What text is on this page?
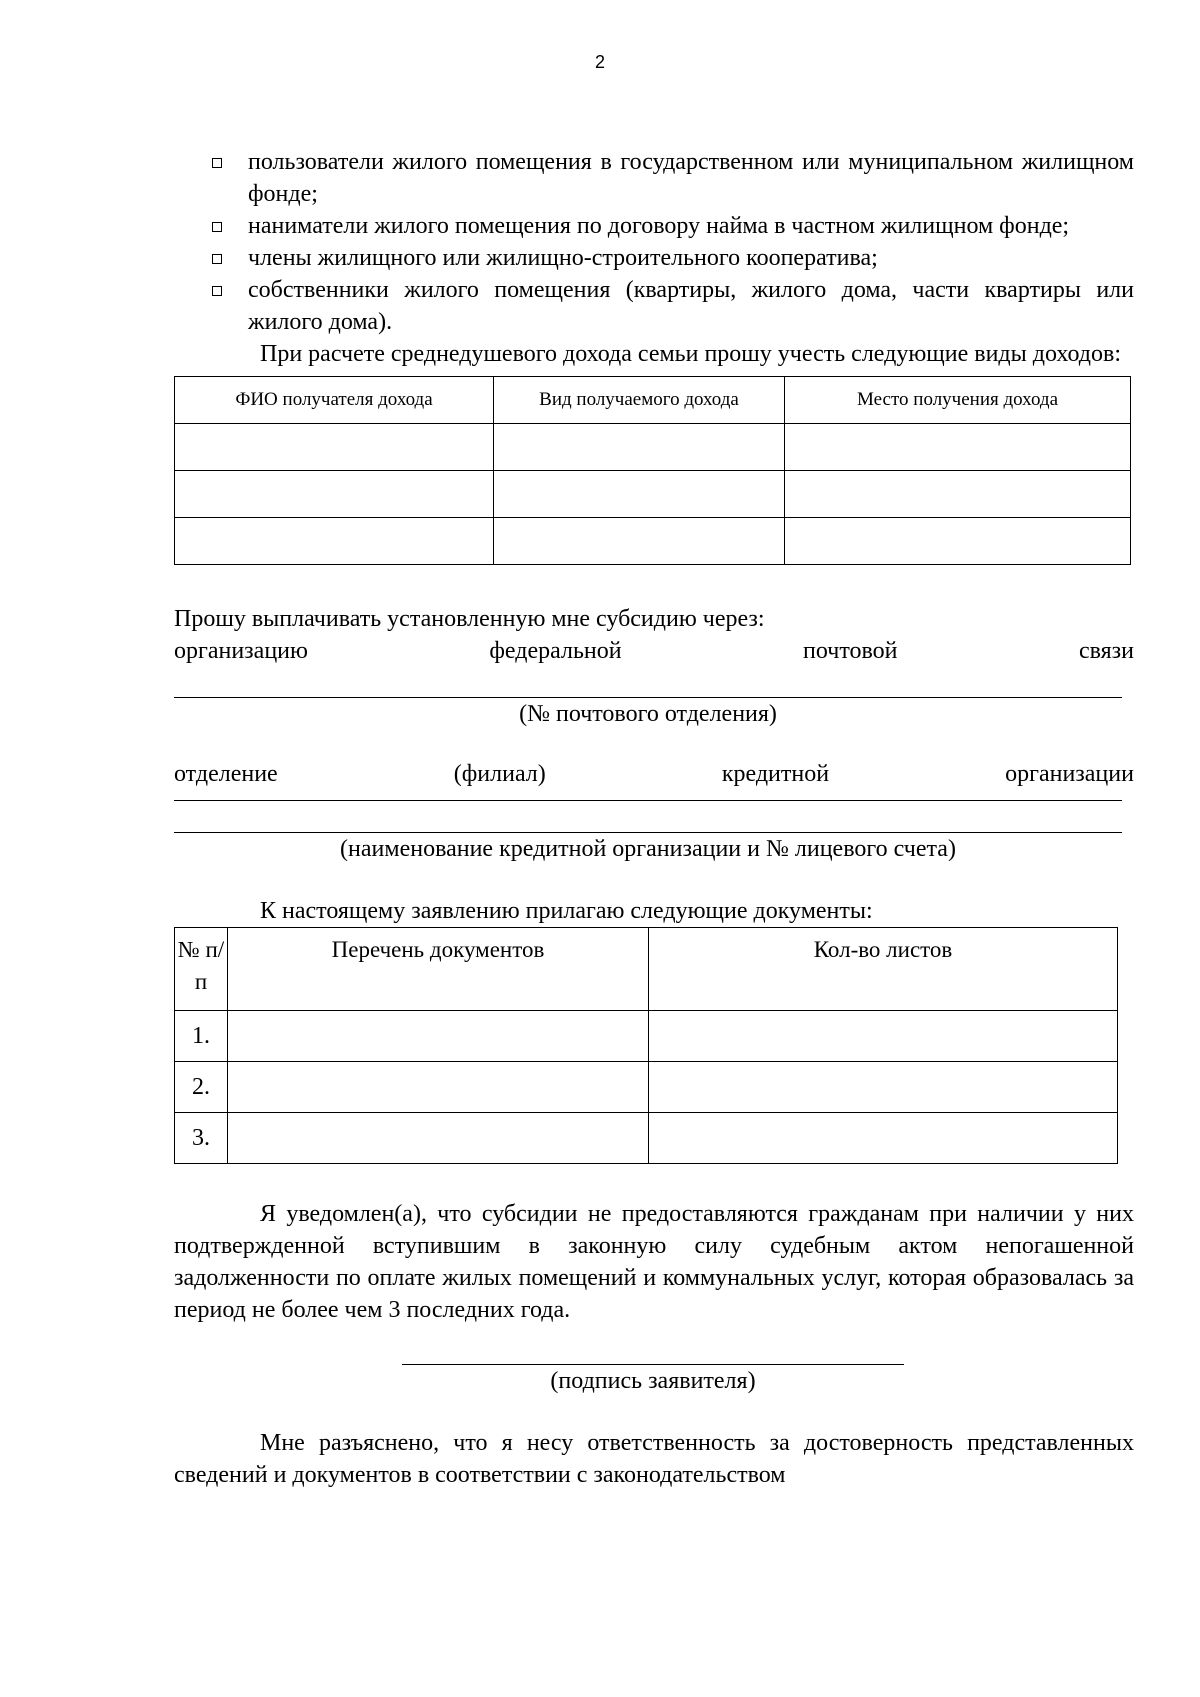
2
пользователи жилого помещения в государственном или муниципальном жилищном фонде;
наниматели жилого помещения по договору найма в частном жилищном фонде;
члены жилищного или жилищно-строительного кооператива;
собственники жилого помещения (квартиры, жилого дома, части квартиры или жилого дома).

При расчете среднедушевого дохода семьи прошу учесть следующие виды доходов:

ФИО получателя дохода	Вид получаемого дохода	Место получения дохода

Прошу выплачивать установленную мне субсидию через:
организацию	федеральной	почтовой	связи
(№ почтового отделения)
отделение	(филиал)	кредитной	организации
(наименование кредитной организации и № лицевого счета)

К настоящему заявлению прилагаю следующие документы:

№ п/п	Перечень документов	Кол-во листов
1.		
2.		
3.		

Я уведомлен(а), что субсидии не предоставляются гражданам при наличии у них подтвержденной вступившим в законную силу судебным актом непогашенной задолженности по оплате жилых помещений и коммунальных услуг, которая образовалась за период не более чем 3 последних года.

(подпись заявителя)

Мне разъяснено, что я несу ответственность за достоверность представленных сведений и документов в соответствии с законодательством
